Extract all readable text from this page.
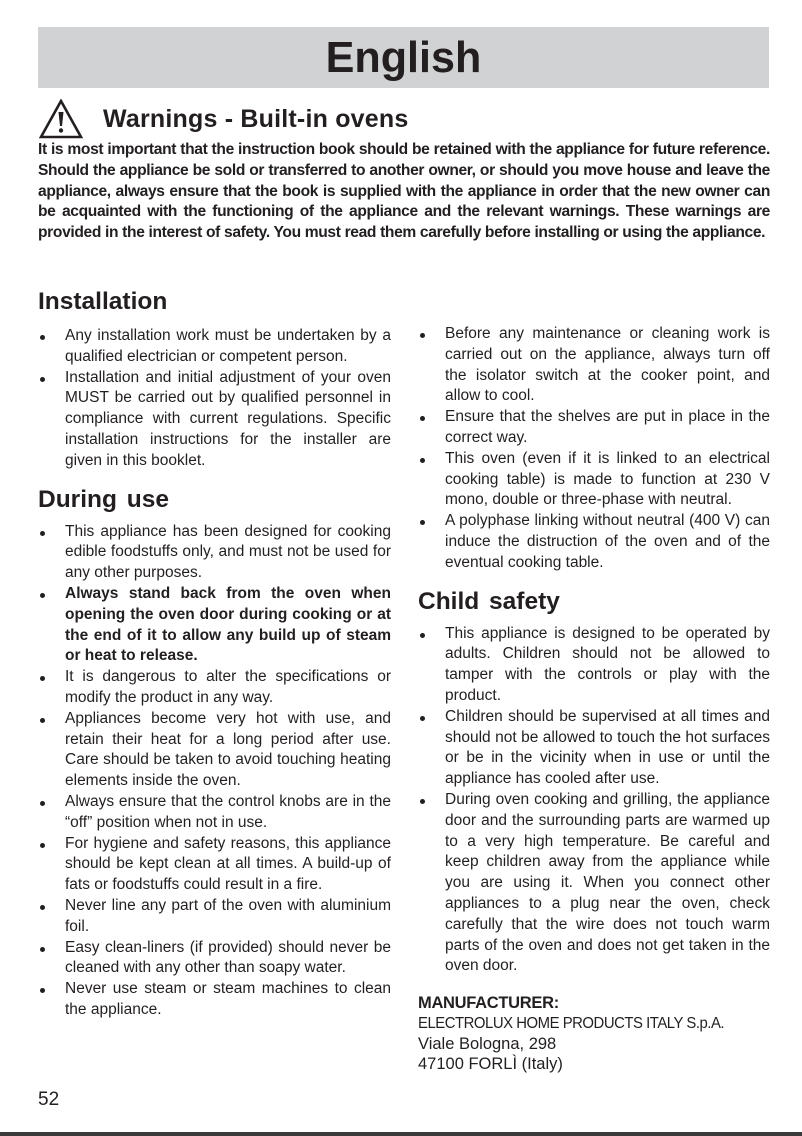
English
Warnings - Built-in ovens

It is most important that the instruction book should be retained with the appliance for future reference. Should the appliance be sold or transferred to another owner, or should you move house and leave the appliance, always ensure that the book is supplied with the appliance in order that the new owner can be acquainted with the functioning of the appliance and the relevant warnings. These warnings are provided in the interest of safety. You must read them carefully before installing or using the appliance.

Installation
Any installation work must be undertaken by a qualified electrician or competent person.
Installation and initial adjustment of your oven MUST be carried out by qualified personnel in compliance with current regulations. Specific installation instructions for the installer are given in this booklet.
During use
This appliance has been designed for cooking edible foodstuffs only, and must not be used for any other purposes.
Always stand back from the oven when opening the oven door during cooking or at the end of it to allow any build up of steam or heat to release.
It is dangerous to alter the specifications or modify the product in any way.
Appliances become very hot with use, and retain their heat for a long period after use. Care should be taken to avoid touching heating elements inside the oven.
Always ensure that the control knobs are in the “off” position when not in use.
For hygiene and safety reasons, this appliance should be kept clean at all times. A build-up of fats or foodstuffs could result in a fire.
Never line any part of the oven with aluminium foil.
Easy clean-liners (if provided) should never be cleaned with any other than soapy water.
Never use steam or steam machines to clean the appliance.
Before any maintenance or cleaning work is carried out on the appliance, always turn off the isolator switch at the cooker point, and allow to cool.
Ensure that the shelves are put in place in the correct way.
This oven (even if it is linked to an electrical cooking table) is made to function at 230 V mono, double or three-phase with neutral.
A polyphase linking without neutral (400 V) can induce the distruction of the oven and of the eventual cooking table.
Child safety
This appliance is designed to be operated by adults. Children should not be allowed to tamper with the controls or play with the product.
Children should be supervised at all times and should not be allowed to touch the hot surfaces or be in the vicinity when in use or until the appliance has cooled after use.
During oven cooking and grilling, the appliance door and the surrounding parts are warmed up to a very high temperature. Be careful and keep children away from the appliance while you are using it. When you connect other appliances to a plug near the oven, check carefully that the wire does not touch warm parts of the oven and does not get taken in the oven door.
MANUFACTURER:
ELECTROLUX HOME PRODUCTS ITALY S.p.A.
Viale Bologna, 298
47100 FORLÌ (Italy)
52
